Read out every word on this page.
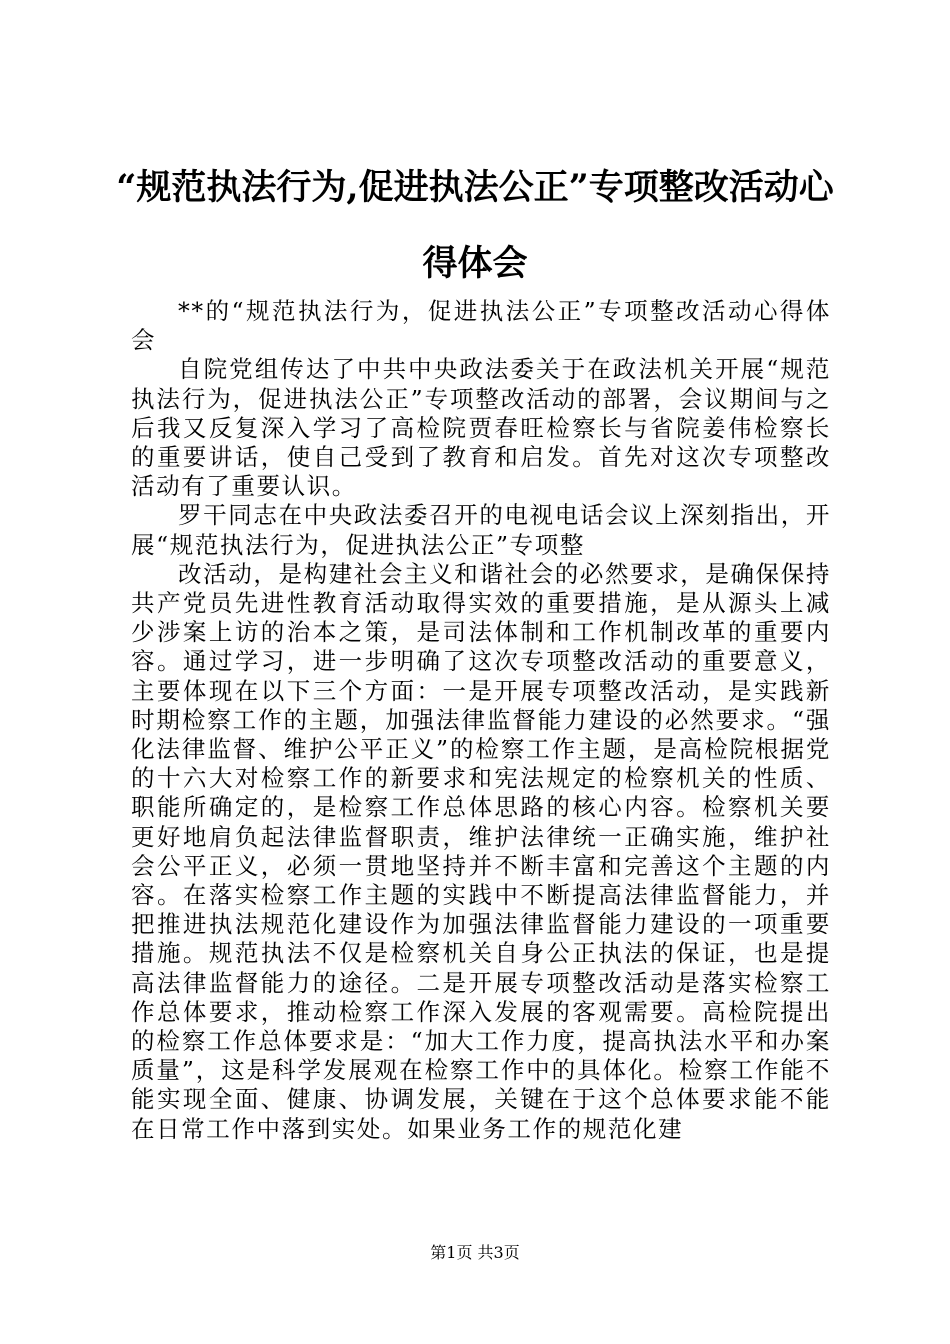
“规范执法行为,促进执法公正”专项整改活动心得体会

**的“规范执法行为，促进执法公正”专项整改活动心得体会

自院党组传达了中共中央政法委关于在政法机关开展“规范执法行为，促进执法公正”专项整改活动的部署，会议期间与之后我又反复深入学习了高检院贾春旺检察长与省院姜伟检察长的重要讲话，使自己受到了教育和启发。首先对这次专项整改活动有了重要认识。

罗干同志在中央政法委召开的电视电话会议上深刻指出，开展“规范执法行为，促进执法公正”专项整

改活动，是构建社会主义和谐社会的必然要求，是确保保持共产党员先进性教育活动取得实效的重要措施，是从源头上减少涉案上访的治本之策，是司法体制和工作机制改革的重要内容。通过学习，进一步明确了这次专项整改活动的重要意义，主要体现在以下三个方面：一是开展专项整改活动，是实践新时期检察工作的主题，加强法律监督能力建设的必然要求。“强化法律监督、维护公平正义”的检察工作主题，是高检院根据党的十六大对检察工作的新要求和宪法规定的检察机关的性质、职能所确定的，是检察工作总体思路的核心内容。检察机关要更好地肩负起法律监督职责，维护法律统一正确实施，维护社会公平正义，必须一贯地坚持并不断丰富和完善这个主题的内容。在落实检察工作主题的实践中不断提高法律监督能力，并把推进执法规范化建设作为加强法律监督能力建设的一项重要措施。规范执法不仅是检察机关自身公正执法的保证，也是提高法律监督能力的途径。二是开展专项整改活动是落实检察工作总体要求，推动检察工作深入发展的客观需要。高检院提出的检察工作总体要求是：“加大工作力度，提高执法水平和办案质量”，这是科学发展观在检察工作中的具体化。检察工作能不能实现全面、健康、协调发展，关键在于这个总体要求能不能在日常工作中落到实处。如果业务工作的规范化建

第1页 共3页
